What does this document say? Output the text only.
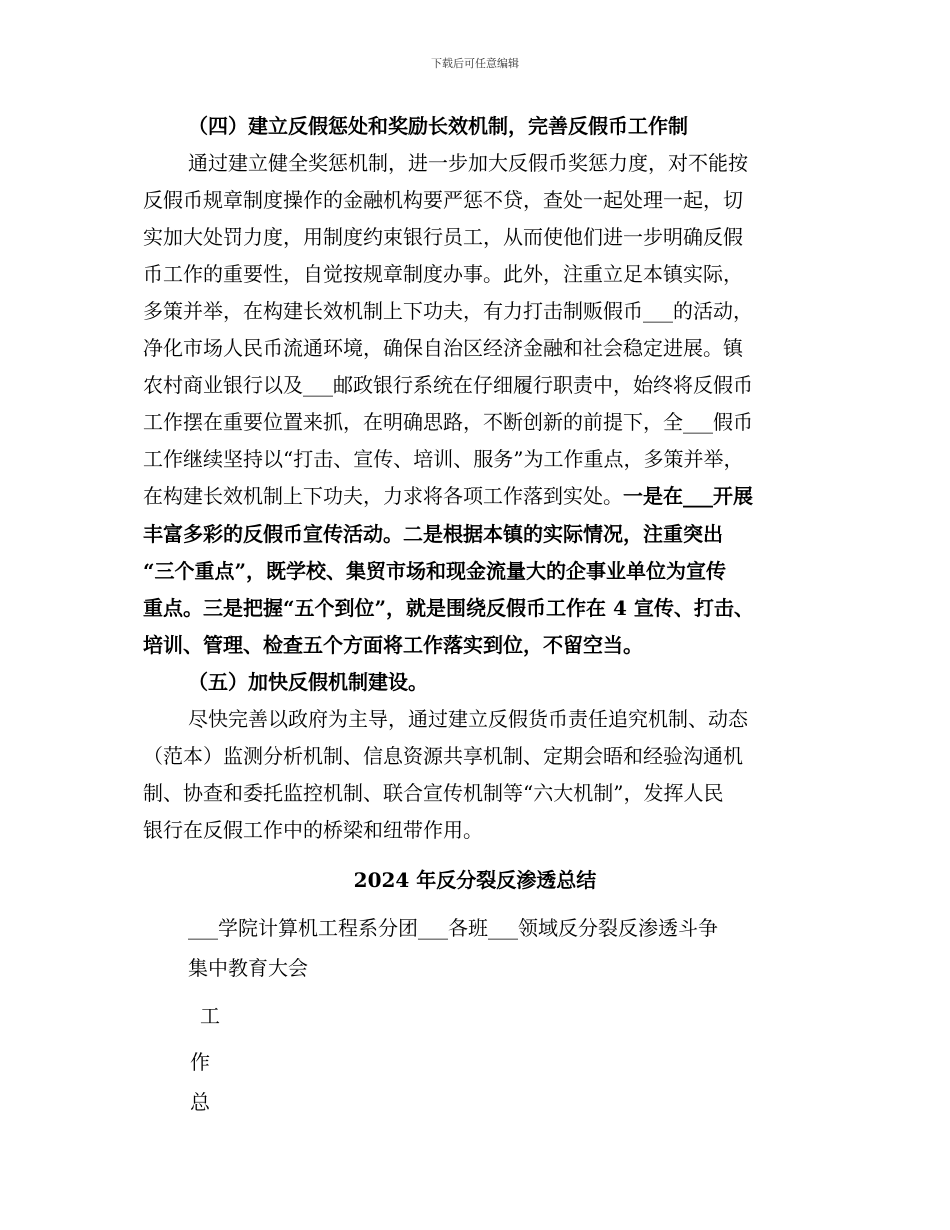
下载后可任意编辑
（四）建立反假惩处和奖励长效机制，完善反假币工作制
通过建立健全奖惩机制，进一步加大反假币奖惩力度，对不能按
反假币规章制度操作的金融机构要严惩不贷，查处一起处理一起，切
实加大处罚力度，用制度约束银行员工，从而使他们进一步明确反假
币工作的重要性，自觉按规章制度办事。此外，注重立足本镇实际，
多策并举，在构建长效机制上下功夫，有力打击制贩假币___的活动，
净化市场人民币流通环境，确保自治区经济金融和社会稳定进展。镇
农村商业银行以及___邮政银行系统在仔细履行职责中，始终将反假币
工作摆在重要位置来抓，在明确思路，不断创新的前提下，全___假币
工作继续坚持以“打击、宣传、培训、服务”为工作重点，多策并举，
在构建长效机制上下功夫，力求将各项工作落到实处。一是在___开展
丰富多彩的反假币宣传活动。二是根据本镇的实际情况，注重突出
“三个重点”，既学校、集贸市场和现金流量大的企事业单位为宣传
重点。三是把握“五个到位”，就是围绕反假币工作在 4 宣传、打击、
培训、管理、检查五个方面将工作落实到位，不留空当。
（五）加快反假机制建设。
尽快完善以政府为主导，通过建立反假货币责任追究机制、动态
（范本）监测分析机制、信息资源共享机制、定期会晤和经验沟通机
制、协查和委托监控机制、联合宣传机制等“六大机制”，发挥人民
银行在反假工作中的桥梁和纽带作用。
2024 年反分裂反渗透总结
___学院计算机工程系分团___各班___领域反分裂反渗透斗争
集中教育大会
工
作
总
